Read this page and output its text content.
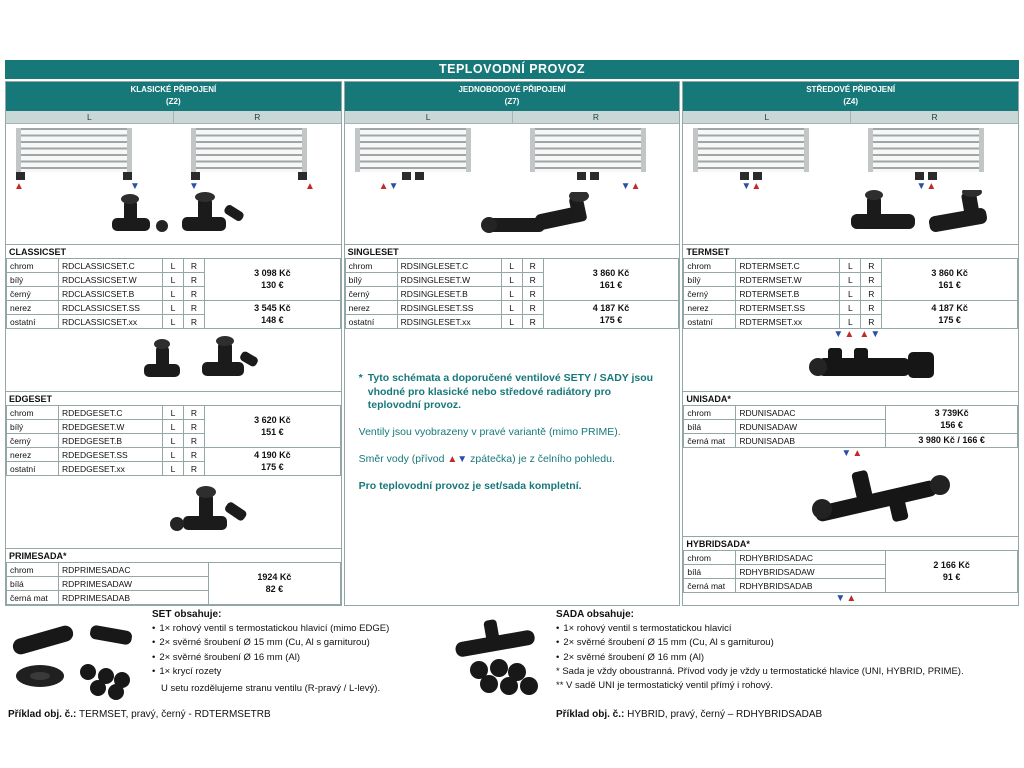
TEPLOVODNÍ PROVOZ
KLASICKÉ PŘIPOJENÍ
(Z2)
L	R
▲	▼	▼	▲
CLASSICSET
chrom	RDCLASSICSET.C	L	R	3 098 Kč
130 €

bílý	RDCLASSICSET.W	L	R	
černý	RDCLASSICSET.B	L	R	
nerez	RDCLASSICSET.SS	L	R	3 545 Kč
148 €

ostatní	RDCLASSICSET.xx	L	R	
EDGESET
chrom	RDEDGESET.C	L	R	3 620 Kč
151 €

bílý	RDEDGESET.W	L	R	
černý	RDEDGESET.B	L	R	
nerez	RDEDGESET.SS	L	R	4 190 Kč
175 €

ostatní	RDEDGESET.xx	L	R	
PRIMESADA*
chrom	RDPRIMESADAC	1924 Kč
82 €

bílá	RDPRIMESADAW	
černá mat	RDPRIMESADAB	
JEDNOBODOVÉ PŘIPOJENÍ
(Z7)
L	R
▲ ▼	▼ ▲
SINGLESET
chrom	RDSINGLESET.C	L	R	3 860 Kč
161 €

bílý	RDSINGLESET.W	L	R	
černý	RDSINGLESET.B	L	R	
nerez	RDSINGLESET.SS	L	R	4 187 Kč
175 €

ostatní	RDSINGLESET.xx	L	R	
* Tyto schémata a doporučené ventilové SETY / SADY jsou vhodné pro klasické nebo středové radiátory pro teplovodní provoz.
Ventily jsou vyobrazeny v pravé variantě (mimo PRIME).
Směr vody (přívod ▲▼ zpátečka) je z čelního pohledu.
Pro teplovodní provoz je set/sada kompletní.
STŘEDOVÉ PŘIPOJENÍ
(Z4)
L	R
▼ ▲	▼ ▲
TERMSET
chrom	RDTERMSET.C	L	R	3 860 Kč
161 €

bílý	RDTERMSET.W	L	R	
černý	RDTERMSET.B	L	R	
nerez	RDTERMSET.SS	L	R	4 187 Kč
175 €

ostatní	RDTERMSET.xx	L	R	
▼ ▲ ▲ ▼
UNISADA*
chrom	RDUNISADAC	3 739Kč
156 €

bílá	RDUNISADAW	
černá mat	RDUNISADAB	3 980 Kč / 166 €
▼ ▲
HYBRIDSADA*
chrom	RDHYBRIDSADAC	2 166 Kč
91 €

bílá	RDHYBRIDSADAW	
černá mat	RDHYBRIDSADAB	
▼ ▲
SET obsahuje:
• 1× rohový ventil s termostatickou hlavicí (mimo EDGE)
• 2× svěrné šroubení Ø 15 mm (Cu, Al s garniturou)
• 2× svěrné šroubení Ø 16 mm (Al)
• 1× krycí rozety
U setu rozdělujeme stranu ventilu (R-pravý / L-levý).
SADA obsahuje:
• 1× rohový ventil s termostatickou hlavicí
• 2× svěrné šroubení Ø 15 mm (Cu, Al s garniturou)
• 2× svěrné šroubení Ø 16 mm (Al)
* Sada je vždy oboustranná. Přívod vody je vždy u termostatické hlavice (UNI, HYBRID, PRIME).
** V sadě UNI je termostatický ventil přímý i rohový.
Příklad obj. č.: TERMSET, pravý, černý - RDTERMSETRB	Příklad obj. č.: HYBRID, pravý, černý – RDHYBRIDSADAB
